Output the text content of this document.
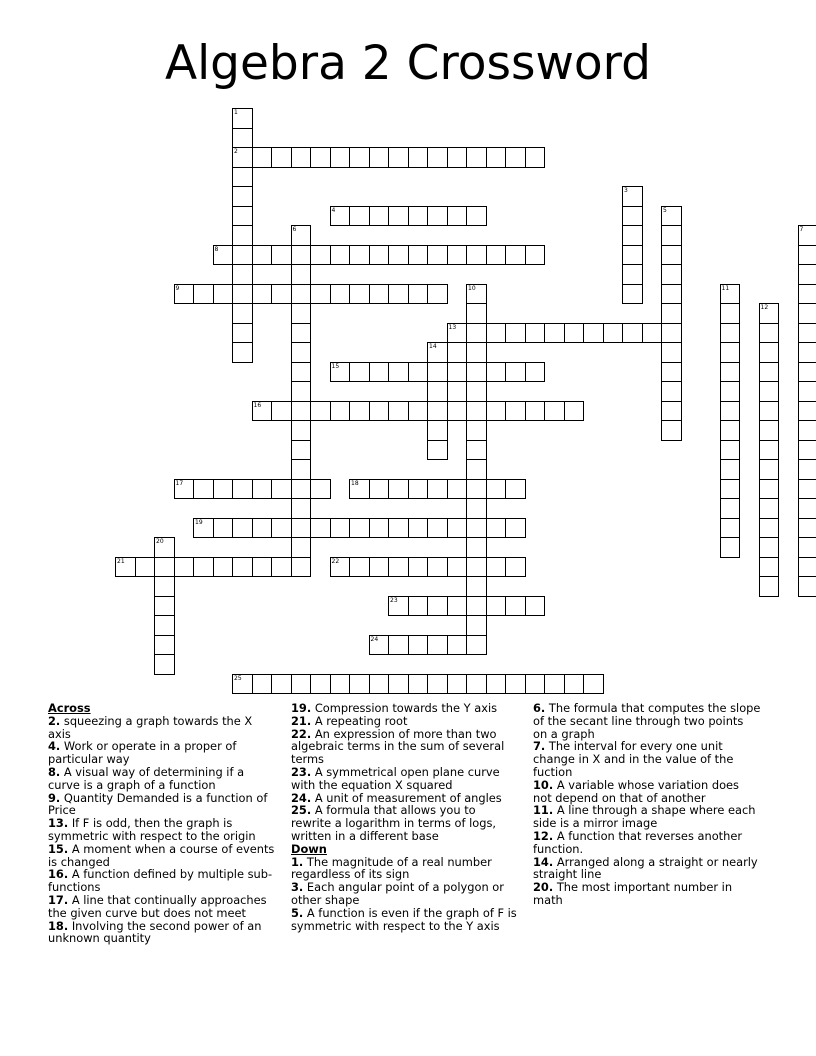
Algebra 2 Crossword
1
2
3
4	5
6	7
8
9	10	11
12
13
14
15
16
17	18
19
20
21	22
23
24
25

Across

2. squeezing a graph towards the X axis

4. Work or operate in a proper of particular way

8. A visual way of determining if a curve is a graph of a function

9. Quantity Demanded is a function of Price

13. If F is odd, then the graph is symmetric with respect to the origin

15. A moment when a course of events is changed

16. A function defined by multiple sub-functions

17. A line that continually approaches the given curve but does not meet

18. Involving the second power of an unknown quantity

19. Compression towards the Y axis

21. A repeating root

22. An expression of more than two algebraic terms in the sum of several terms

23. A symmetrical open plane curve with the equation X squared

24. A unit of measurement of angles

25. A formula that allows you to rewrite a logarithm in terms of logs, written in a different base

Down

1. The magnitude of a real number regardless of its sign

3. Each angular point of a polygon or other shape

5. A function is even if the graph of F is symmetric with respect to the Y axis

6. The formula that computes the slope of the secant line through two points on a graph

7. The interval for every one unit change in X and in the value of the fuction

10. A variable whose variation does not depend on that of another

11. A line through a shape where each side is a mirror image

12. A function that reverses another function.

14. Arranged along a straight or nearly straight line

20. The most important number in math
